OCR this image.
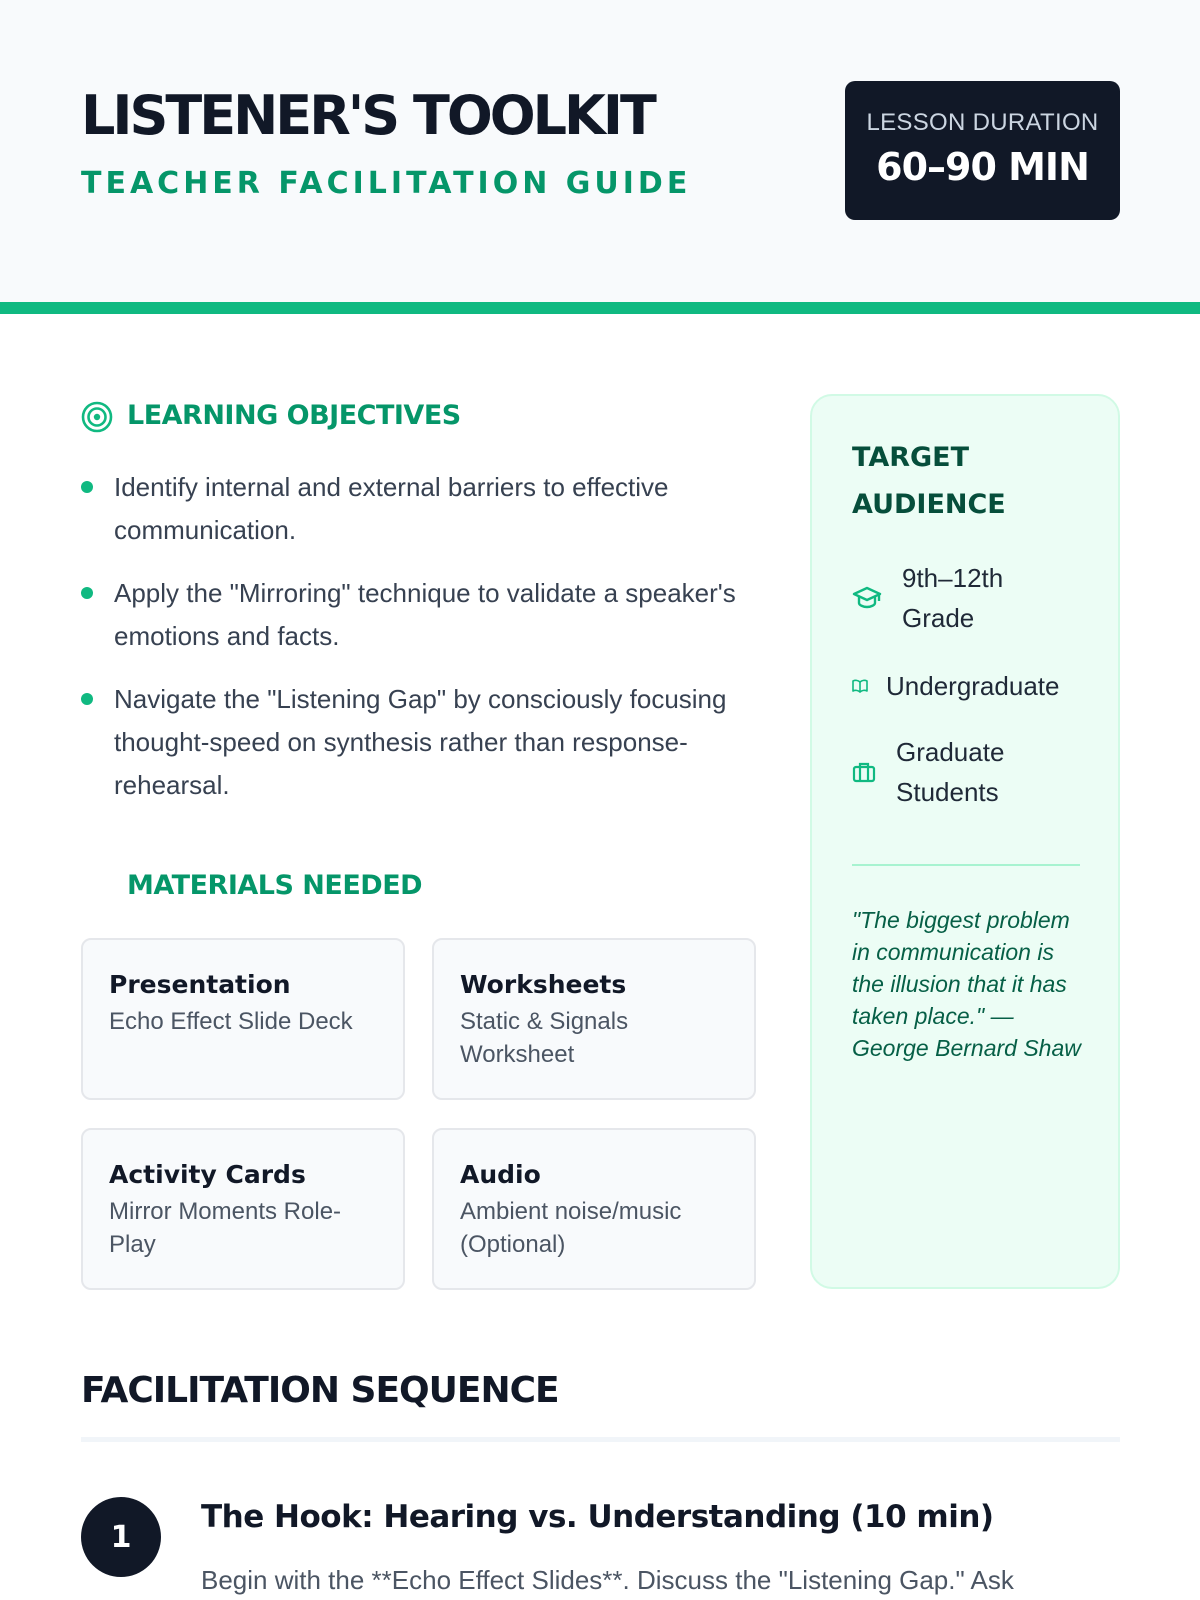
LISTENER'S TOOLKIT
TEACHER FACILITATION GUIDE
LESSON DURATION
60–90 MIN
LEARNING OBJECTIVES
Identify internal and external barriers to effective communication.
Apply the "Mirroring" technique to validate a speaker's emotions and facts.
Navigate the "Listening Gap" by consciously focusing thought-speed on synthesis rather than response-rehearsal.
MATERIALS NEEDED
Presentation
Echo Effect Slide Deck
Worksheets
Static & Signals Worksheet
Activity Cards
Mirror Moments Role-Play
Audio
Ambient noise/music (Optional)
TARGET AUDIENCE
9th–12th Grade
Undergraduate
Graduate Students
"The biggest problem in communication is the illusion that it has taken place." — George Bernard Shaw
FACILITATION SEQUENCE
1
The Hook: Hearing vs. Understanding (10 min)
Begin with the **Echo Effect Slides**. Discuss the "Listening Gap." Ask
